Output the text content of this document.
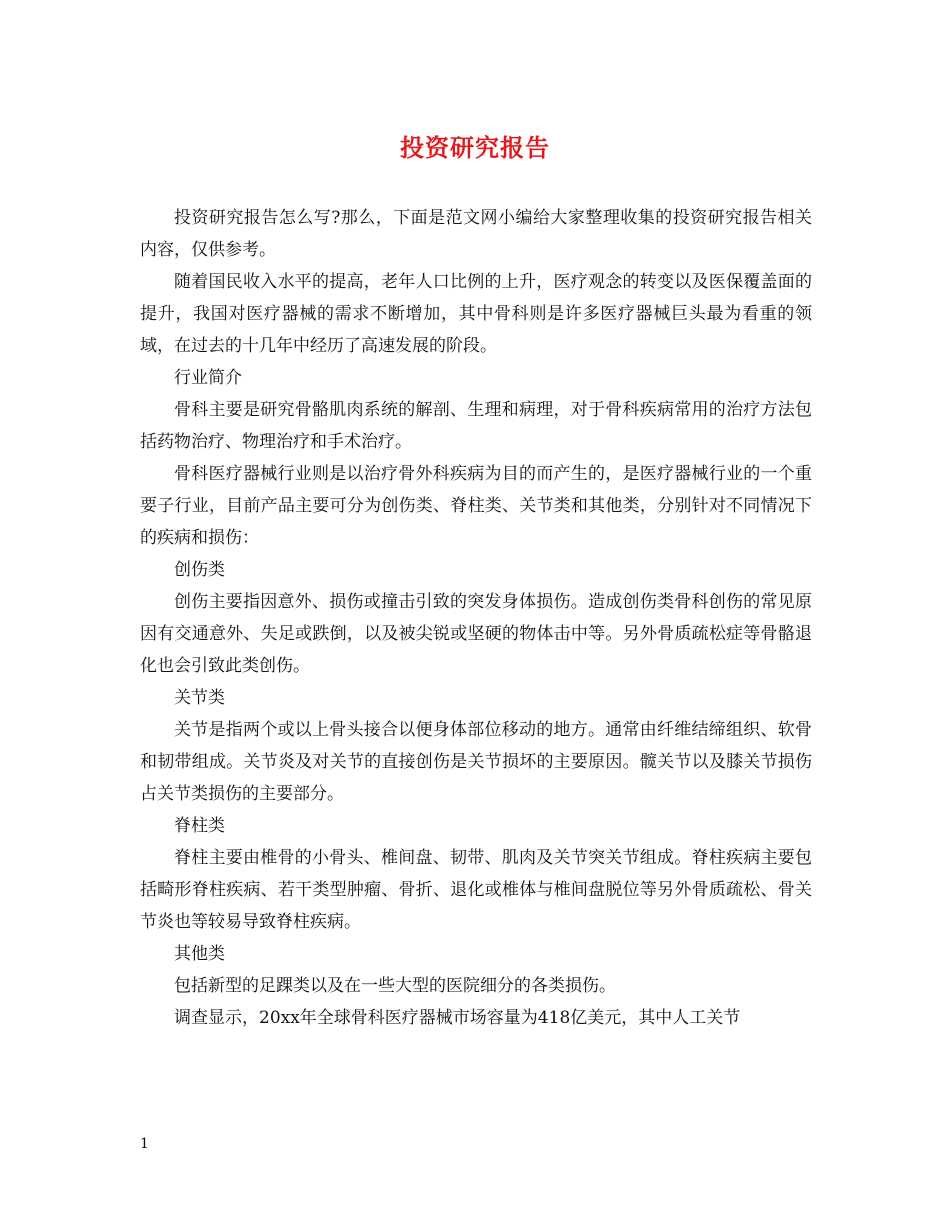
投资研究报告

投资研究报告怎么写?那么，下面是范文网小编给大家整理收集的投资研究报告相关内容，仅供参考。

随着国民收入水平的提高，老年人口比例的上升，医疗观念的转变以及医保覆盖面的提升，我国对医疗器械的需求不断增加，其中骨科则是许多医疗器械巨头最为看重的领域，在过去的十几年中经历了高速发展的阶段。

行业简介

骨科主要是研究骨骼肌肉系统的解剖、生理和病理，对于骨科疾病常用的治疗方法包括药物治疗、物理治疗和手术治疗。

骨科医疗器械行业则是以治疗骨外科疾病为目的而产生的，是医疗器械行业的一个重要子行业，目前产品主要可分为创伤类、脊柱类、关节类和其他类，分别针对不同情况下的疾病和损伤：

创伤类

创伤主要指因意外、损伤或撞击引致的突发身体损伤。造成创伤类骨科创伤的常见原因有交通意外、失足或跌倒，以及被尖锐或坚硬的物体击中等。另外骨质疏松症等骨骼退化也会引致此类创伤。

关节类

关节是指两个或以上骨头接合以便身体部位移动的地方。通常由纤维结缔组织、软骨和韧带组成。关节炎及对关节的直接创伤是关节损坏的主要原因。髋关节以及膝关节损伤占关节类损伤的主要部分。

脊柱类

脊柱主要由椎骨的小骨头、椎间盘、韧带、肌肉及关节突关节组成。脊柱疾病主要包括畸形脊柱疾病、若干类型肿瘤、骨折、退化或椎体与椎间盘脱位等另外骨质疏松、骨关节炎也等较易导致脊柱疾病。

其他类

包括新型的足踝类以及在一些大型的医院细分的各类损伤。

调查显示，20xx年全球骨科医疗器械市场容量为418亿美元，其中人工关节

1
